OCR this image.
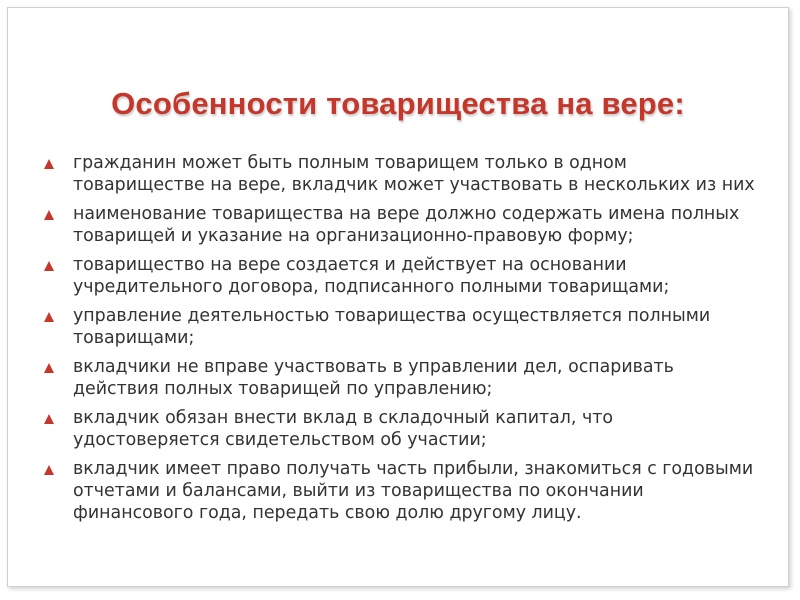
Особенности товарищества на вере:
гражданин может быть полным товарищем только в одном товариществе на вере, вкладчик может участвовать в нескольких из них
наименование товарищества на вере должно содержать имена полных товарищей и указание на организационно-правовую форму;
товарищество на вере создается и действует на основании учредительного договора, подписанного полными товарищами;
управление деятельностью товарищества осуществляется полными товарищами;
вкладчики не вправе участвовать в управлении дел, оспаривать действия полных товарищей по управлению;
вкладчик обязан внести вклад в складочный капитал, что удостоверяется свидетельством об участии;
вкладчик имеет право получать часть прибыли, знакомиться с годовыми отчетами и балансами, выйти из товарищества по окончании финансового года, передать свою долю другому лицу.
